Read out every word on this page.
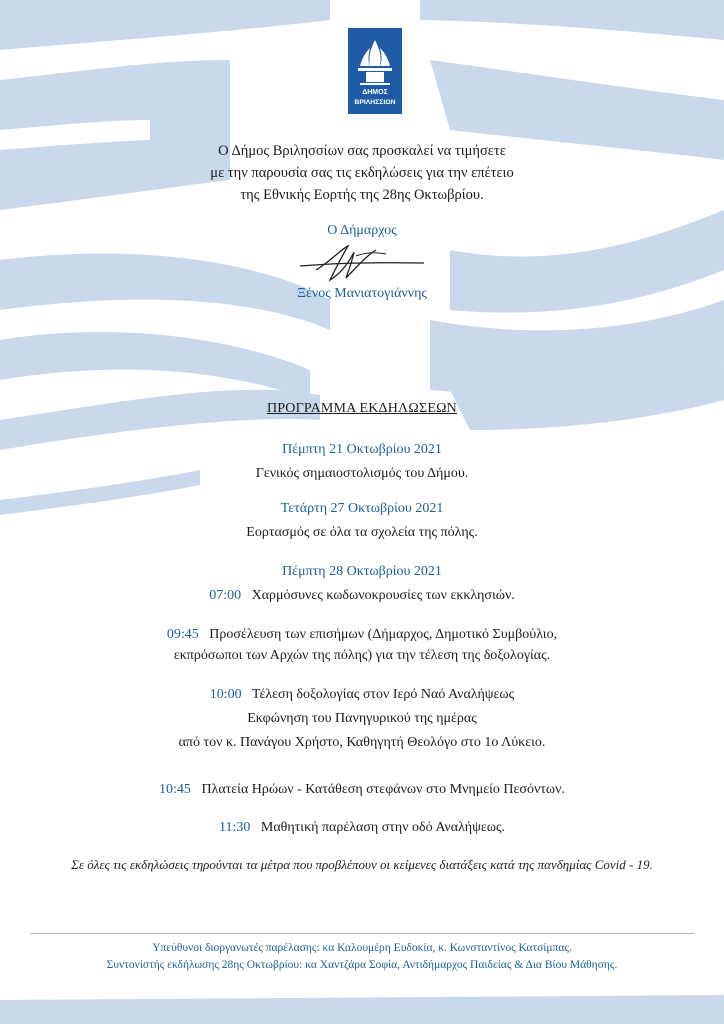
ΔΗΜΟΣ
ΒΡΙΛΗΣΣΙΩΝ
Ο Δήμος Βριλησσίων σας προσκαλεί να τιμήσετε
με την παρουσία σας τις εκδηλώσεις για την επέτειο
της Εθνικής Εορτής της 28ης Οκτωβρίου.
Ο Δήμαρχος
Ξένος Μανιατογιάννης
ΠΡΟΓΡΑΜΜΑ ΕΚΔΗΛΩΣΕΩΝ
Πέμπτη 21 Οκτωβρίου 2021
Γενικός σημαιοστολισμός του Δήμου.
Τετάρτη 27 Οκτωβρίου 2021
Εορτασμός σε όλα τα σχολεία της πόλης.
Πέμπτη 28 Οκτωβρίου 2021
07:00 Χαρμόσυνες κωδωνοκρουσίες των εκκλησιών.
09:45 Προσέλευση των επισήμων (Δήμαρχος, Δημοτικό Συμβούλιο,
εκπρόσωποι των Αρχών της πόλης) για την τέλεση της δοξολογίας.
10:00 Τέλεση δοξολογίας στον Ιερό Ναό Αναλήψεως
Εκφώνηση του Πανηγυρικού της ημέρας
από τον κ. Πανάγου Χρήστο, Καθηγητή Θεολόγο στο 1ο Λύκειο.
10:45 Πλατεία Ηρώων - Κατάθεση στεφάνων στο Μνημείο Πεσόντων.
11:30 Μαθητική παρέλαση στην οδό Αναλήψεως.
Σε όλες τις εκδηλώσεις τηρούνται τα μέτρα που προβλέπουν οι κείμενες διατάξεις κατά της πανδημίας Covid - 19.
Υπεύθυνοι διοργανωτές παρέλασης: κα Καλουμέρη Ευδοκία, κ. Κωνσταντίνος Κατσίμπας.
Συντονίστής εκδήλωσης 28ης Οκτωβρίου: κα Χαντζάρα Σοφία, Αντιδήμαρχος Παιδείας & Δια Βίου Μάθησης.
